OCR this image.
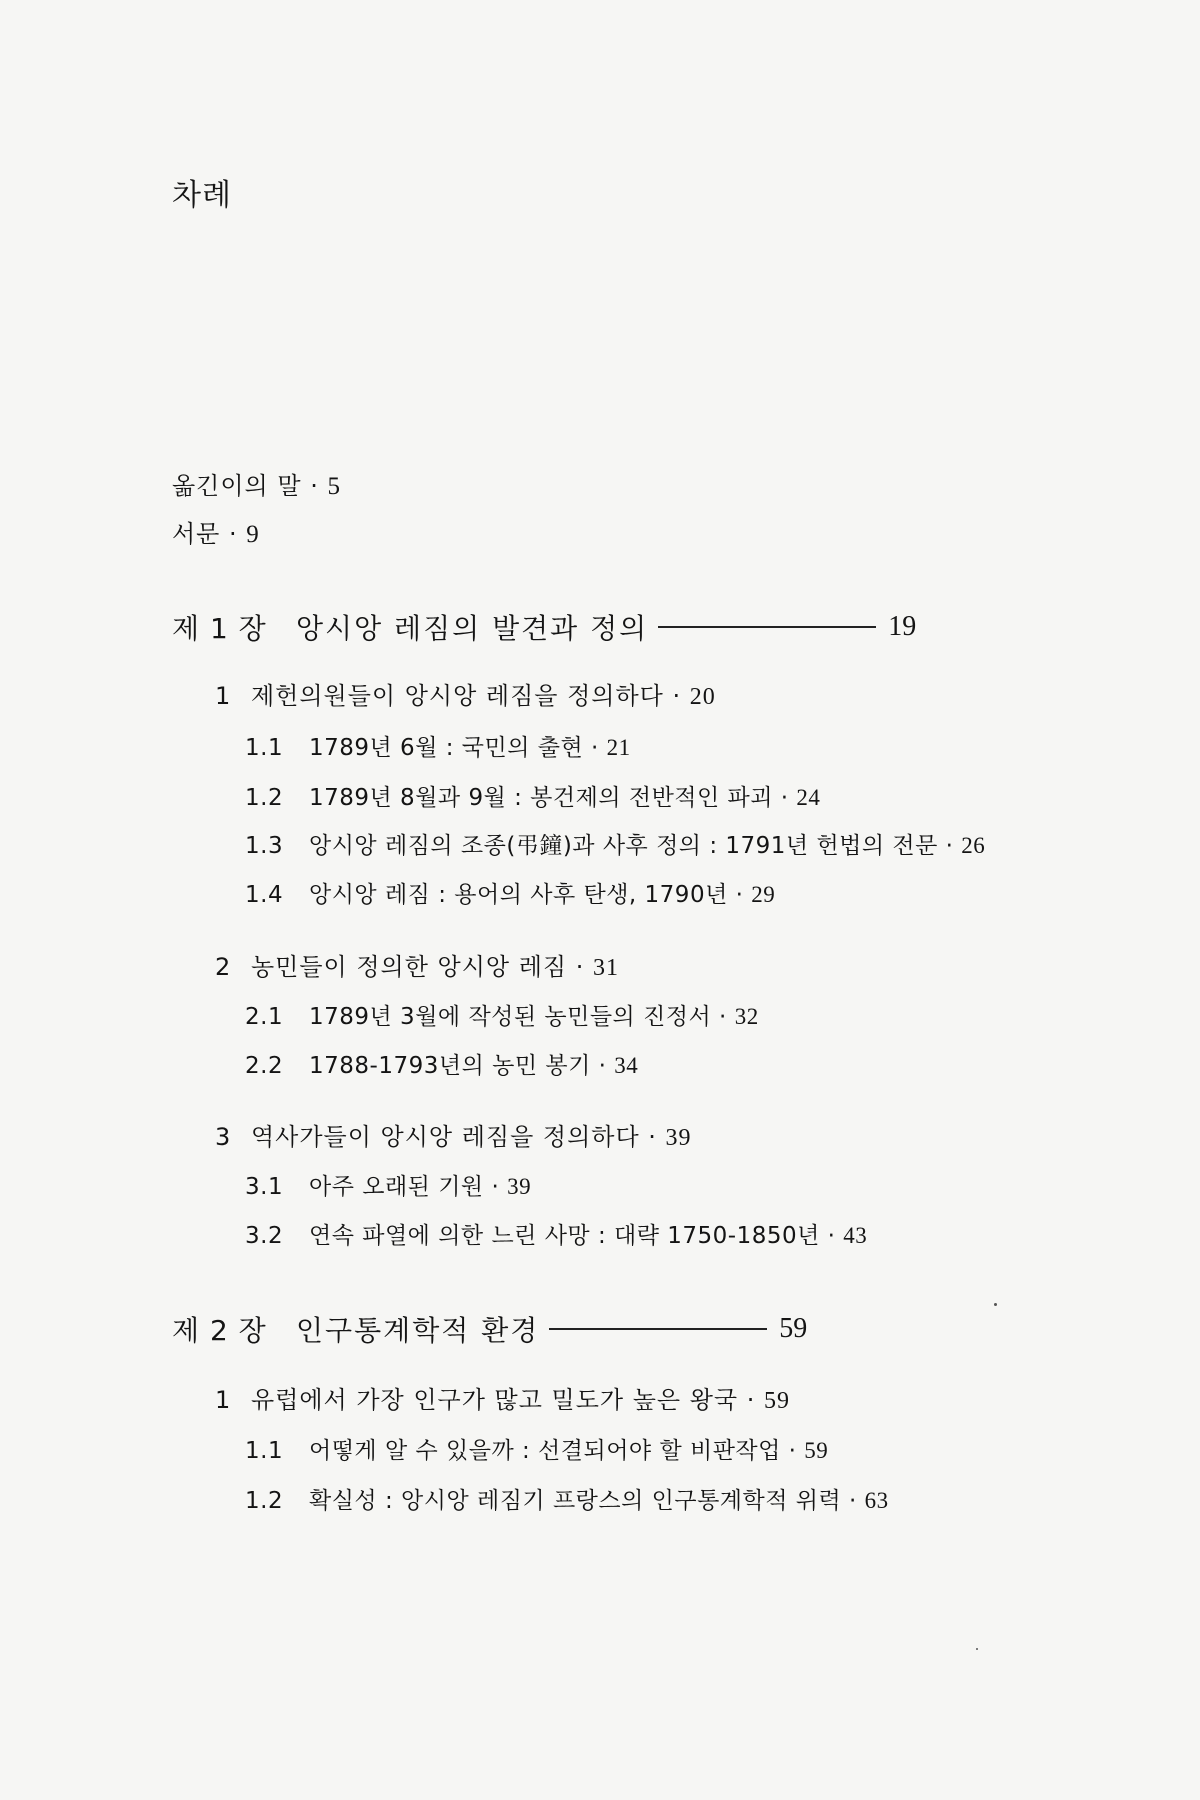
차례
옮긴이의 말 · 5
서문 · 9
제 1 장	앙시앙 레짐의 발견과 정의	19
1 제헌의원들이 앙시앙 레짐을 정의하다 · 20
1.1 1789년 6월 : 국민의 출현 · 21
1.2 1789년 8월과 9월 : 봉건제의 전반적인 파괴 · 24
1.3 앙시앙 레짐의 조종(弔鐘)과 사후 정의 : 1791년 헌법의 전문 · 26
1.4 앙시앙 레짐 : 용어의 사후 탄생, 1790년 · 29
2 농민들이 정의한 앙시앙 레짐 · 31
2.1 1789년 3월에 작성된 농민들의 진정서 · 32
2.2 1788-1793년의 농민 봉기 · 34
3 역사가들이 앙시앙 레짐을 정의하다 · 39
3.1 아주 오래된 기원 · 39
3.2 연속 파열에 의한 느린 사망 : 대략 1750-1850년 · 43
제 2 장	인구통계학적 환경	59
1 유럽에서 가장 인구가 많고 밀도가 높은 왕국 · 59
1.1 어떻게 알 수 있을까 : 선결되어야 할 비판작업 · 59
1.2 확실성 : 앙시앙 레짐기 프랑스의 인구통계학적 위력 · 63
